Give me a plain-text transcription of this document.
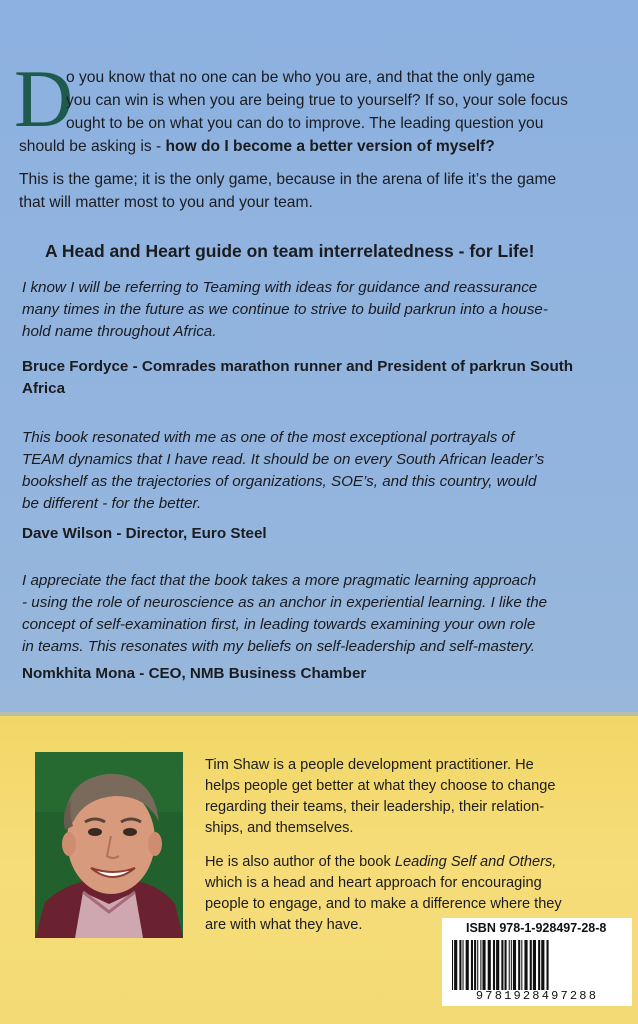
D
o you know that no one can be who you are, and that the only game
you can win is when you are being true to yourself? If so, your sole focus
ought to be on what you can do to improve. The leading question you
should be asking is - how do I become a better version of myself?
This is the game; it is the only game, because in the arena of life it’s the game
that will matter most to you and your team.
A Head and Heart guide on team interrelatedness - for Life!
I know I will be referring to Teaming with ideas for guidance and reassurance
many times in the future as we continue to strive to build parkrun into a house-
hold name throughout Africa.
Bruce Fordyce - Comrades marathon runner and President of parkrun South
Africa
This book resonated with me as one of the most exceptional portrayals of
TEAM dynamics that I have read. It should be on every South African leader’s
bookshelf as the trajectories of organizations, SOE’s, and this country, would
be different - for the better.
Dave Wilson - Director, Euro Steel
I appreciate the fact that the book takes a more pragmatic learning approach
- using the role of neuroscience as an anchor in experiential learning. I like the
concept of self-examination first, in leading towards examining your own role
in teams. This resonates with my beliefs on self-leadership and self-mastery.
Nomkhita Mona - CEO, NMB Business Chamber
Tim Shaw is a people development practitioner. He
helps people get better at what they choose to change
regarding their teams, their leadership, their relation-
ships, and themselves.
He is also author of the book Leading Self and Others,
which is a head and heart approach for encouraging
people to engage, and to make a difference where they
are with what they have.	ISBN 978-1-928497-28-8
9781928497288
